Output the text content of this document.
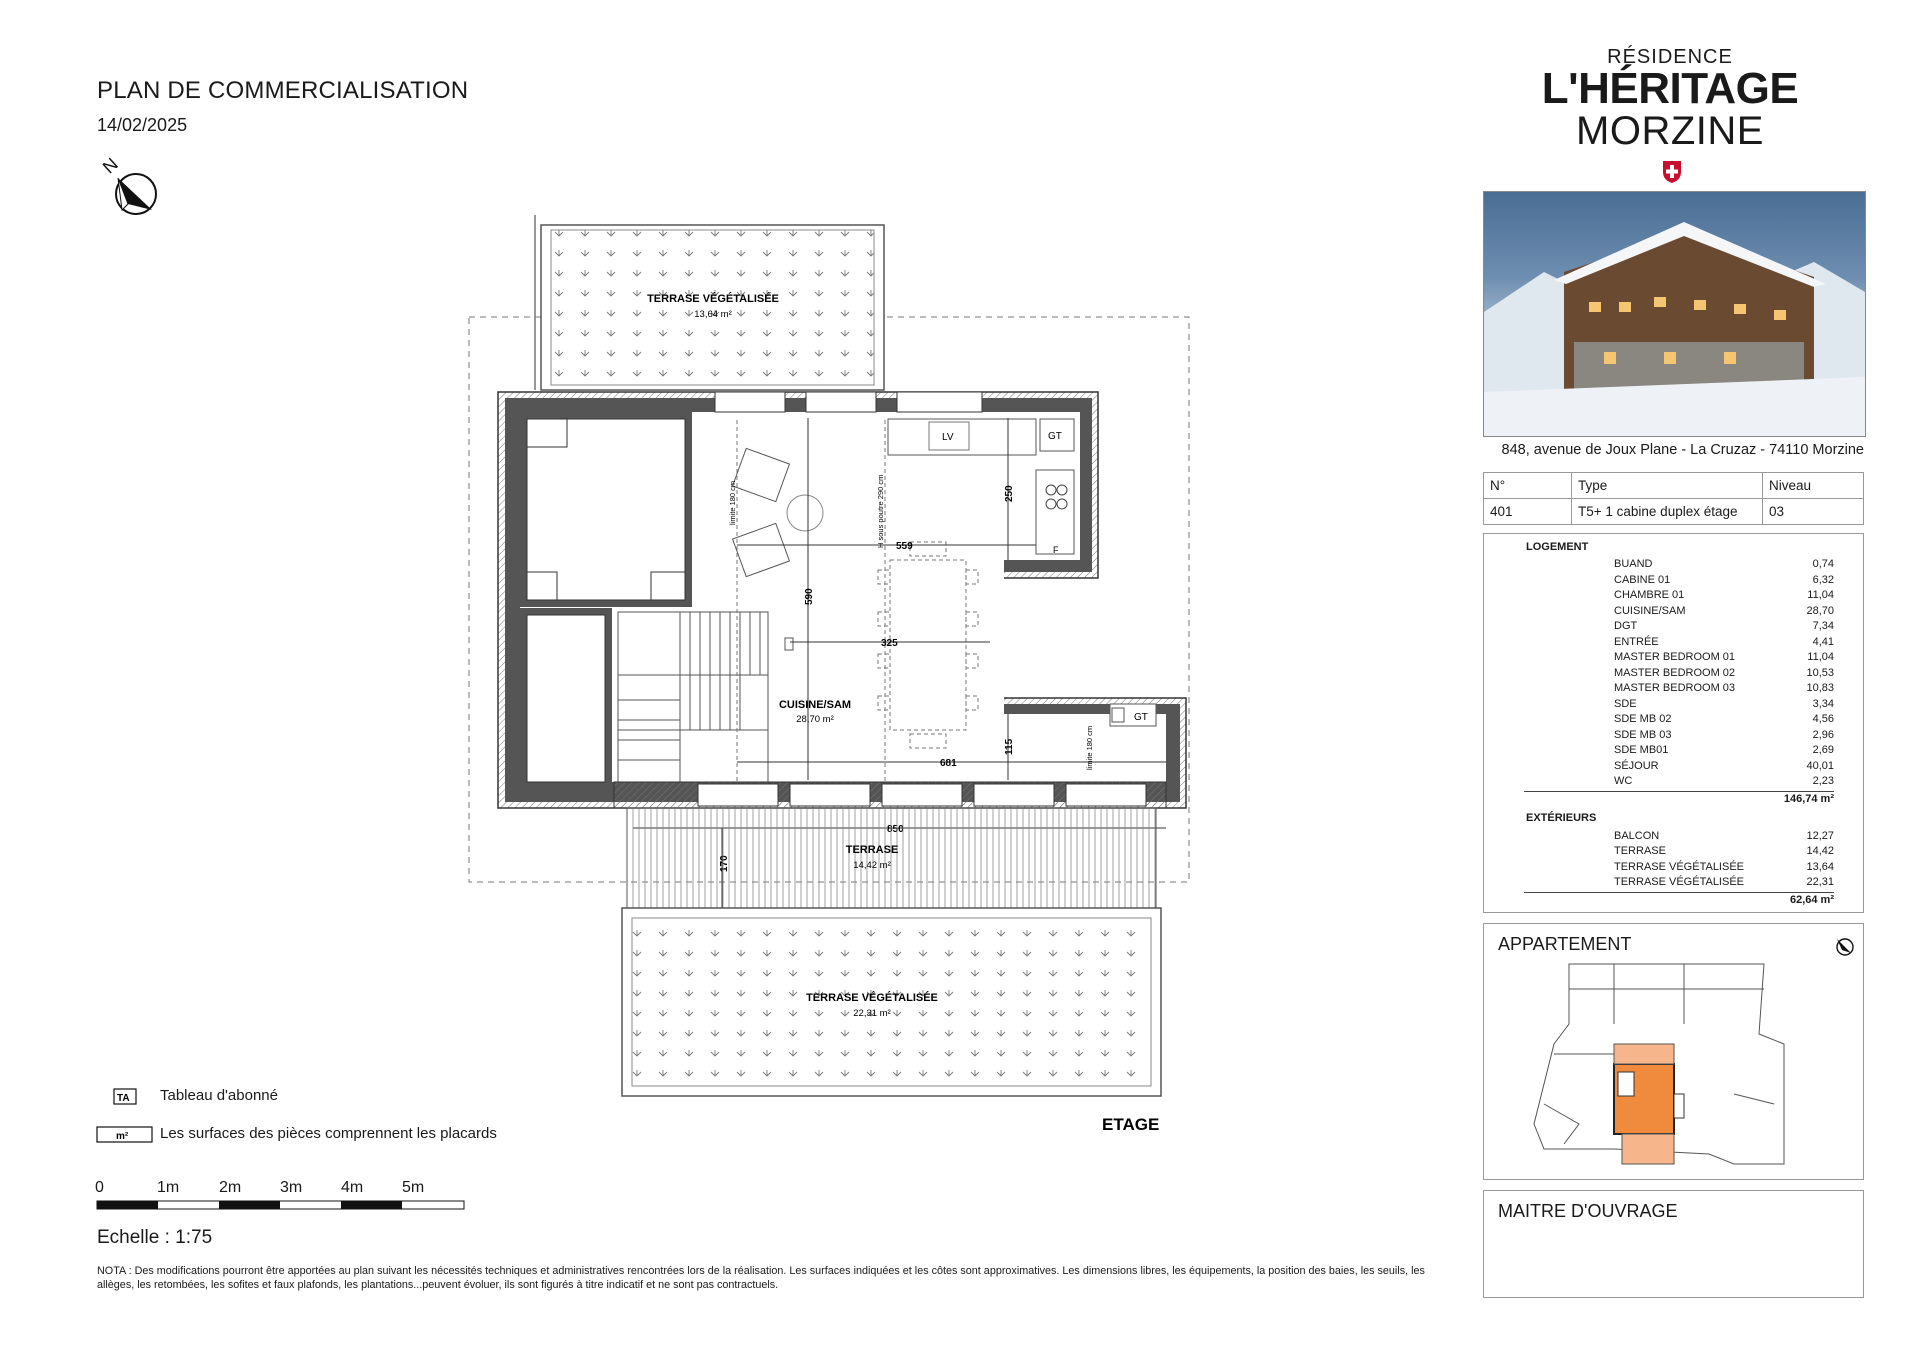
PLAN DE COMMERCIALISATION
14/02/2025
N
TERRASE VÉGÉTALISÉE
13,64 m²
LV	GT
F
limite 180 cm	H sous poutre 290 cm
limite 180 cm
GT
590
559
325
250
115
681
CUISINE/SAM
28,70 m²
TERRASE
14,42 m²
TERRASE VÉGÉTALISÉE
22,31 m²
ETAGE
TA
m²
Tableau d'abonné
Les surfaces des pièces comprennent les placards
0	1m 2m 3m 4m 5m
Echelle : 1:75
NOTA : Des modifications pourront être apportées au plan suivant les nécessités techniques et administratives rencontrées lors de la réalisation. Les surfaces indiquées et les côtes sont approximatives. Les dimensions libres, les équipements, la position des baies, les seuils, les allèges, les retombées, les sofites et faux plafonds, les plantations...peuvent évoluer, ils sont figurés à titre indicatif et ne sont pas contractuels.
RÉSIDENCE
L'HÉRITAGE
MORZINE
848, avenue de Joux Plane - La Cruzaz - 74110 Morzine
N°	Type	Niveau
401	T5+ 1 cabine duplex étage	03
LOGEMENT
BUAND	0,74
CABINE 01	6,32
CHAMBRE 01	11,04
CUISINE/SAM	28,70
DGT	7,34
ENTRÉE	4,41
MASTER BEDROOM 01	11,04
MASTER BEDROOM 02	10,53
MASTER BEDROOM 03	10,83
SDE	3,34
SDE MB 02	4,56
SDE MB 03	2,96
SDE MB01	2,69
SÉJOUR	40,01
WC	2,23
146,74 m²
EXTÉRIEURS
BALCON	12,27
TERRASE	14,42
TERRASE VÉGÉTALISÉE	13,64
TERRASE VÉGÉTALISÉE	22,31
62,64 m²
APPARTEMENT
MAITRE D'OUVRAGE
